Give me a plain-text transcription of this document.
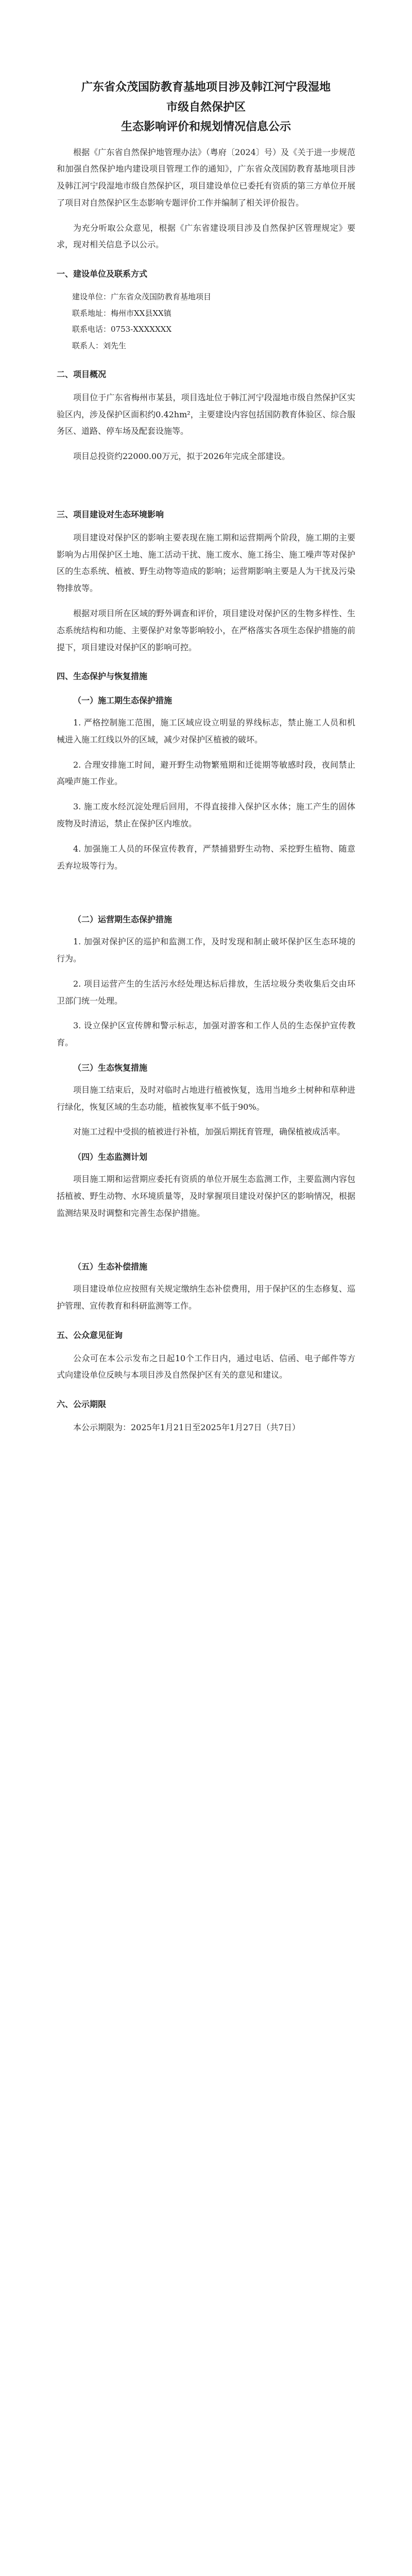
广东省众茂国防教育基地项目涉及韩江河宁段湿地
市级自然保护区
生态影响评价和规划情况信息公示

根据《广东省自然保护地管理办法》（粤府〔2024〕号）及《关于进一步规范和加强自然保护地内建设项目管理工作的通知》，广东省众茂国防教育基地项目涉及韩江河宁段湿地市级自然保护区，项目建设单位已委托有资质的第三方单位开展了项目对自然保护区生态影响专题评价工作并编制了相关评价报告。

为充分听取公众意见，根据《广东省建设项目涉及自然保护区管理规定》要求，现对相关信息予以公示。

一、建设单位及联系方式
建设单位：广东省众茂国防教育基地项目
联系地址：梅州市XX县XX镇
联系电话：0753-XXXXXXX
联系人：刘先生
二、项目概况

项目位于广东省梅州市某县，项目选址位于韩江河宁段湿地市级自然保护区实验区内，涉及保护区面积约0.42hm²，主要建设内容包括国防教育体验区、综合服务区、道路、停车场及配套设施等。

项目总投资约22000.00万元，拟于2026年完成全部建设。

三、项目建设对生态环境影响

项目建设对保护区的影响主要表现在施工期和运营期两个阶段，施工期的主要影响为占用保护区土地、施工活动干扰、施工废水、施工扬尘、施工噪声等对保护区的生态系统、植被、野生动物等造成的影响；运营期影响主要是人为干扰及污染物排放等。

根据对项目所在区域的野外调查和评价，项目建设对保护区的生物多样性、生态系统结构和功能、主要保护对象等影响较小，在严格落实各项生态保护措施的前提下，项目建设对保护区的影响可控。

四、生态保护与恢复措施
（一）施工期生态保护措施

1. 严格控制施工范围，施工区域应设立明显的界线标志，禁止施工人员和机械进入施工红线以外的区域，减少对保护区植被的破坏。

2. 合理安排施工时间，避开野生动物繁殖期和迁徙期等敏感时段，夜间禁止高噪声施工作业。

3. 施工废水经沉淀处理后回用，不得直接排入保护区水体；施工产生的固体废物及时清运，禁止在保护区内堆放。

4. 加强施工人员的环保宣传教育，严禁捕猎野生动物、采挖野生植物、随意丢弃垃圾等行为。

（二）运营期生态保护措施

1. 加强对保护区的巡护和监测工作，及时发现和制止破坏保护区生态环境的行为。

2. 项目运营产生的生活污水经处理达标后排放，生活垃圾分类收集后交由环卫部门统一处理。

3. 设立保护区宣传牌和警示标志，加强对游客和工作人员的生态保护宣传教育。

（三）生态恢复措施

项目施工结束后，及时对临时占地进行植被恢复，选用当地乡土树种和草种进行绿化，恢复区域的生态功能，植被恢复率不低于90%。

对施工过程中受损的植被进行补植，加强后期抚育管理，确保植被成活率。

（四）生态监测计划

项目施工期和运营期应委托有资质的单位开展生态监测工作，主要监测内容包括植被、野生动物、水环境质量等，及时掌握项目建设对保护区的影响情况，根据监测结果及时调整和完善生态保护措施。

（五）生态补偿措施

项目建设单位应按照有关规定缴纳生态补偿费用，用于保护区的生态修复、巡护管理、宣传教育和科研监测等工作。

五、公众意见征询

公众可在本公示发布之日起10个工作日内，通过电话、信函、电子邮件等方式向建设单位反映与本项目涉及自然保护区有关的意见和建议。

六、公示期限

本公示期限为：2025年1月21日至2025年1月27日（共7日）
